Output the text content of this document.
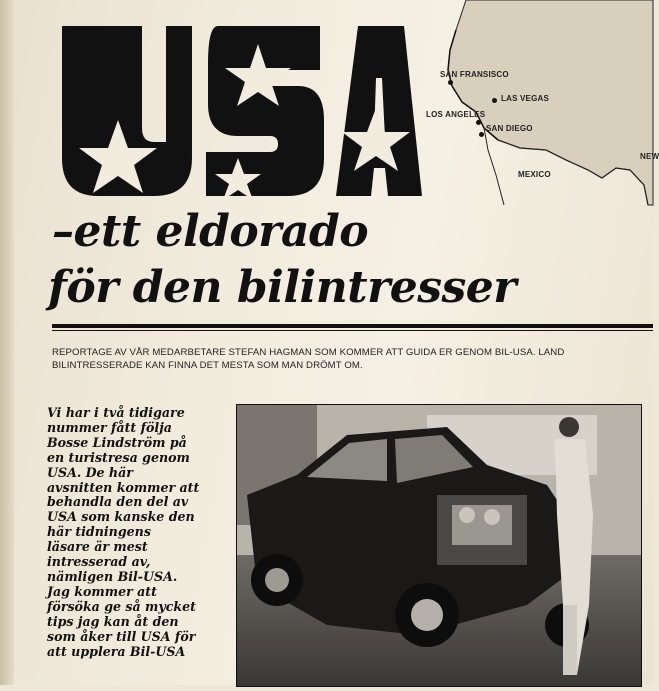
SAN FRANSISCO
LAS VEGAS
LOS ANGELES
SAN DIEGO
MEXICO
NEW
–ett eldorado
för den bilintresser
REPORTAGE AV VÅR MEDARBETARE STEFAN HAGMAN SOM KOMMER ATT GUIDA ER GENOM BIL-USA. LAND
BILINTRESSERADE KAN FINNA DET MESTA SOM MAN DRÖMT OM.
Vi har i två tidigare
nummer fått följa
Bosse Lindström på
en turistresa genom
USA. De här
avsnitten kommer att
behandla den del av
USA som kanske den
här tidningens
läsare är mest
intresserad av,
nämligen Bil-USA.
Jag kommer att
försöka ge så mycket
tips jag kan åt den
som åker till USA för
att upplera Bil-USA
